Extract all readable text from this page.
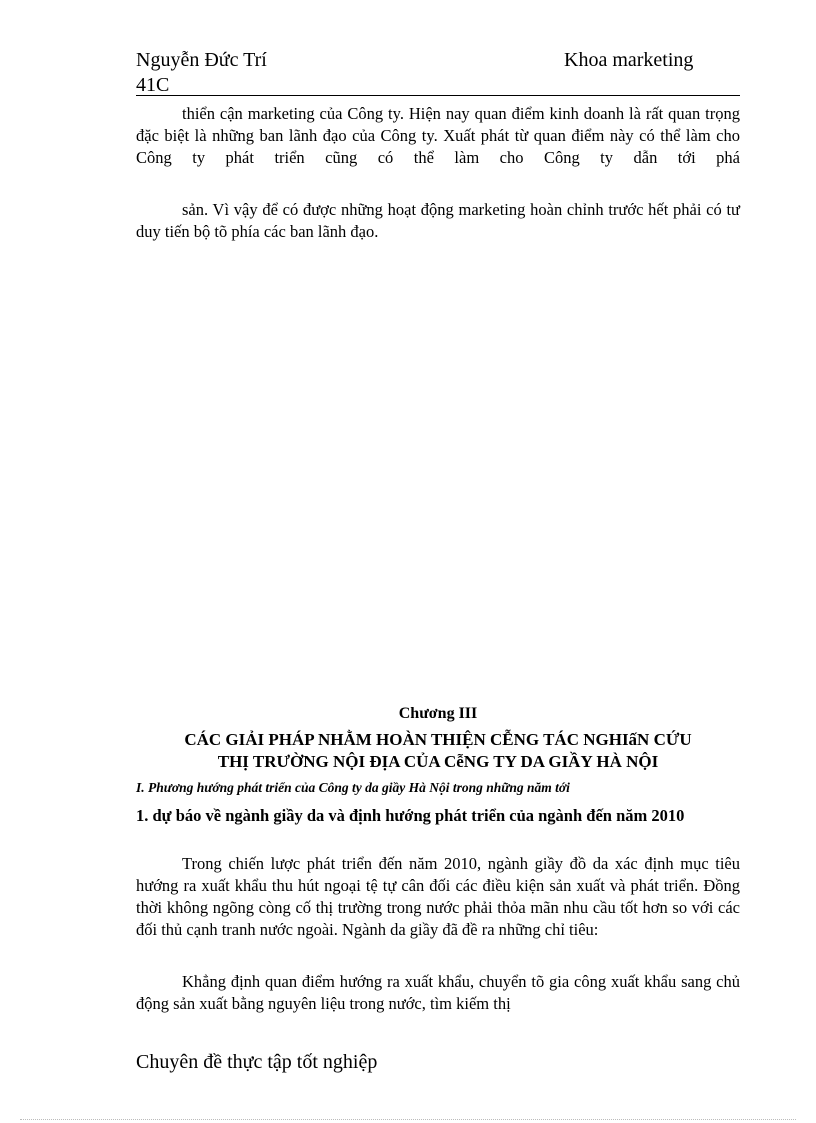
Nguyễn Đức Trí
41C
Khoa marketing

thiển cận marketing của Công ty. Hiện nay quan điểm kinh doanh là rất quan trọng đặc biệt là những ban lãnh đạo của Công ty. Xuất phát từ quan điểm này có thể làm cho Công ty phát triển cũng có thể làm cho Công ty dẫn tới phá

sản. Vì vậy để có được những hoạt động marketing hoàn chỉnh trước hết phải có tư duy tiến bộ tõ phía các ban lãnh đạo.

Chương III

CÁC GIẢI PHÁP NHẰM HOÀN THIỆN CỄNG TÁC NGHIấN CỨU
THỊ TRƯỜNG NỘI ĐỊA CỦA CễNG TY DA GIẦY HÀ NỘI

I. Phương hướng phát triển của Công ty da giầy Hà Nội trong những năm tới

1. dự báo về ngành giầy da và định hướng phát triển của ngành đến năm 2010

Trong chiến lược phát triển đến năm 2010, ngành giầy đồ da xác định mục tiêu hướng ra xuất khẩu thu hút ngoại tệ tự cân đối các điều kiện sản xuất và phát triển. Đồng thời không ngõng còng cố thị trường trong nước phải thỏa mãn nhu cầu tốt hơn so với các đối thủ cạnh tranh nước ngoài. Ngành da giầy đã đề ra những chỉ tiêu:

Khẳng định quan điểm hướng ra xuất khẩu, chuyển tõ gia công xuất khẩu sang chủ động sản xuất bằng nguyên liệu trong nước, tìm kiếm thị

Chuyên đề thực tập tốt nghiệp
